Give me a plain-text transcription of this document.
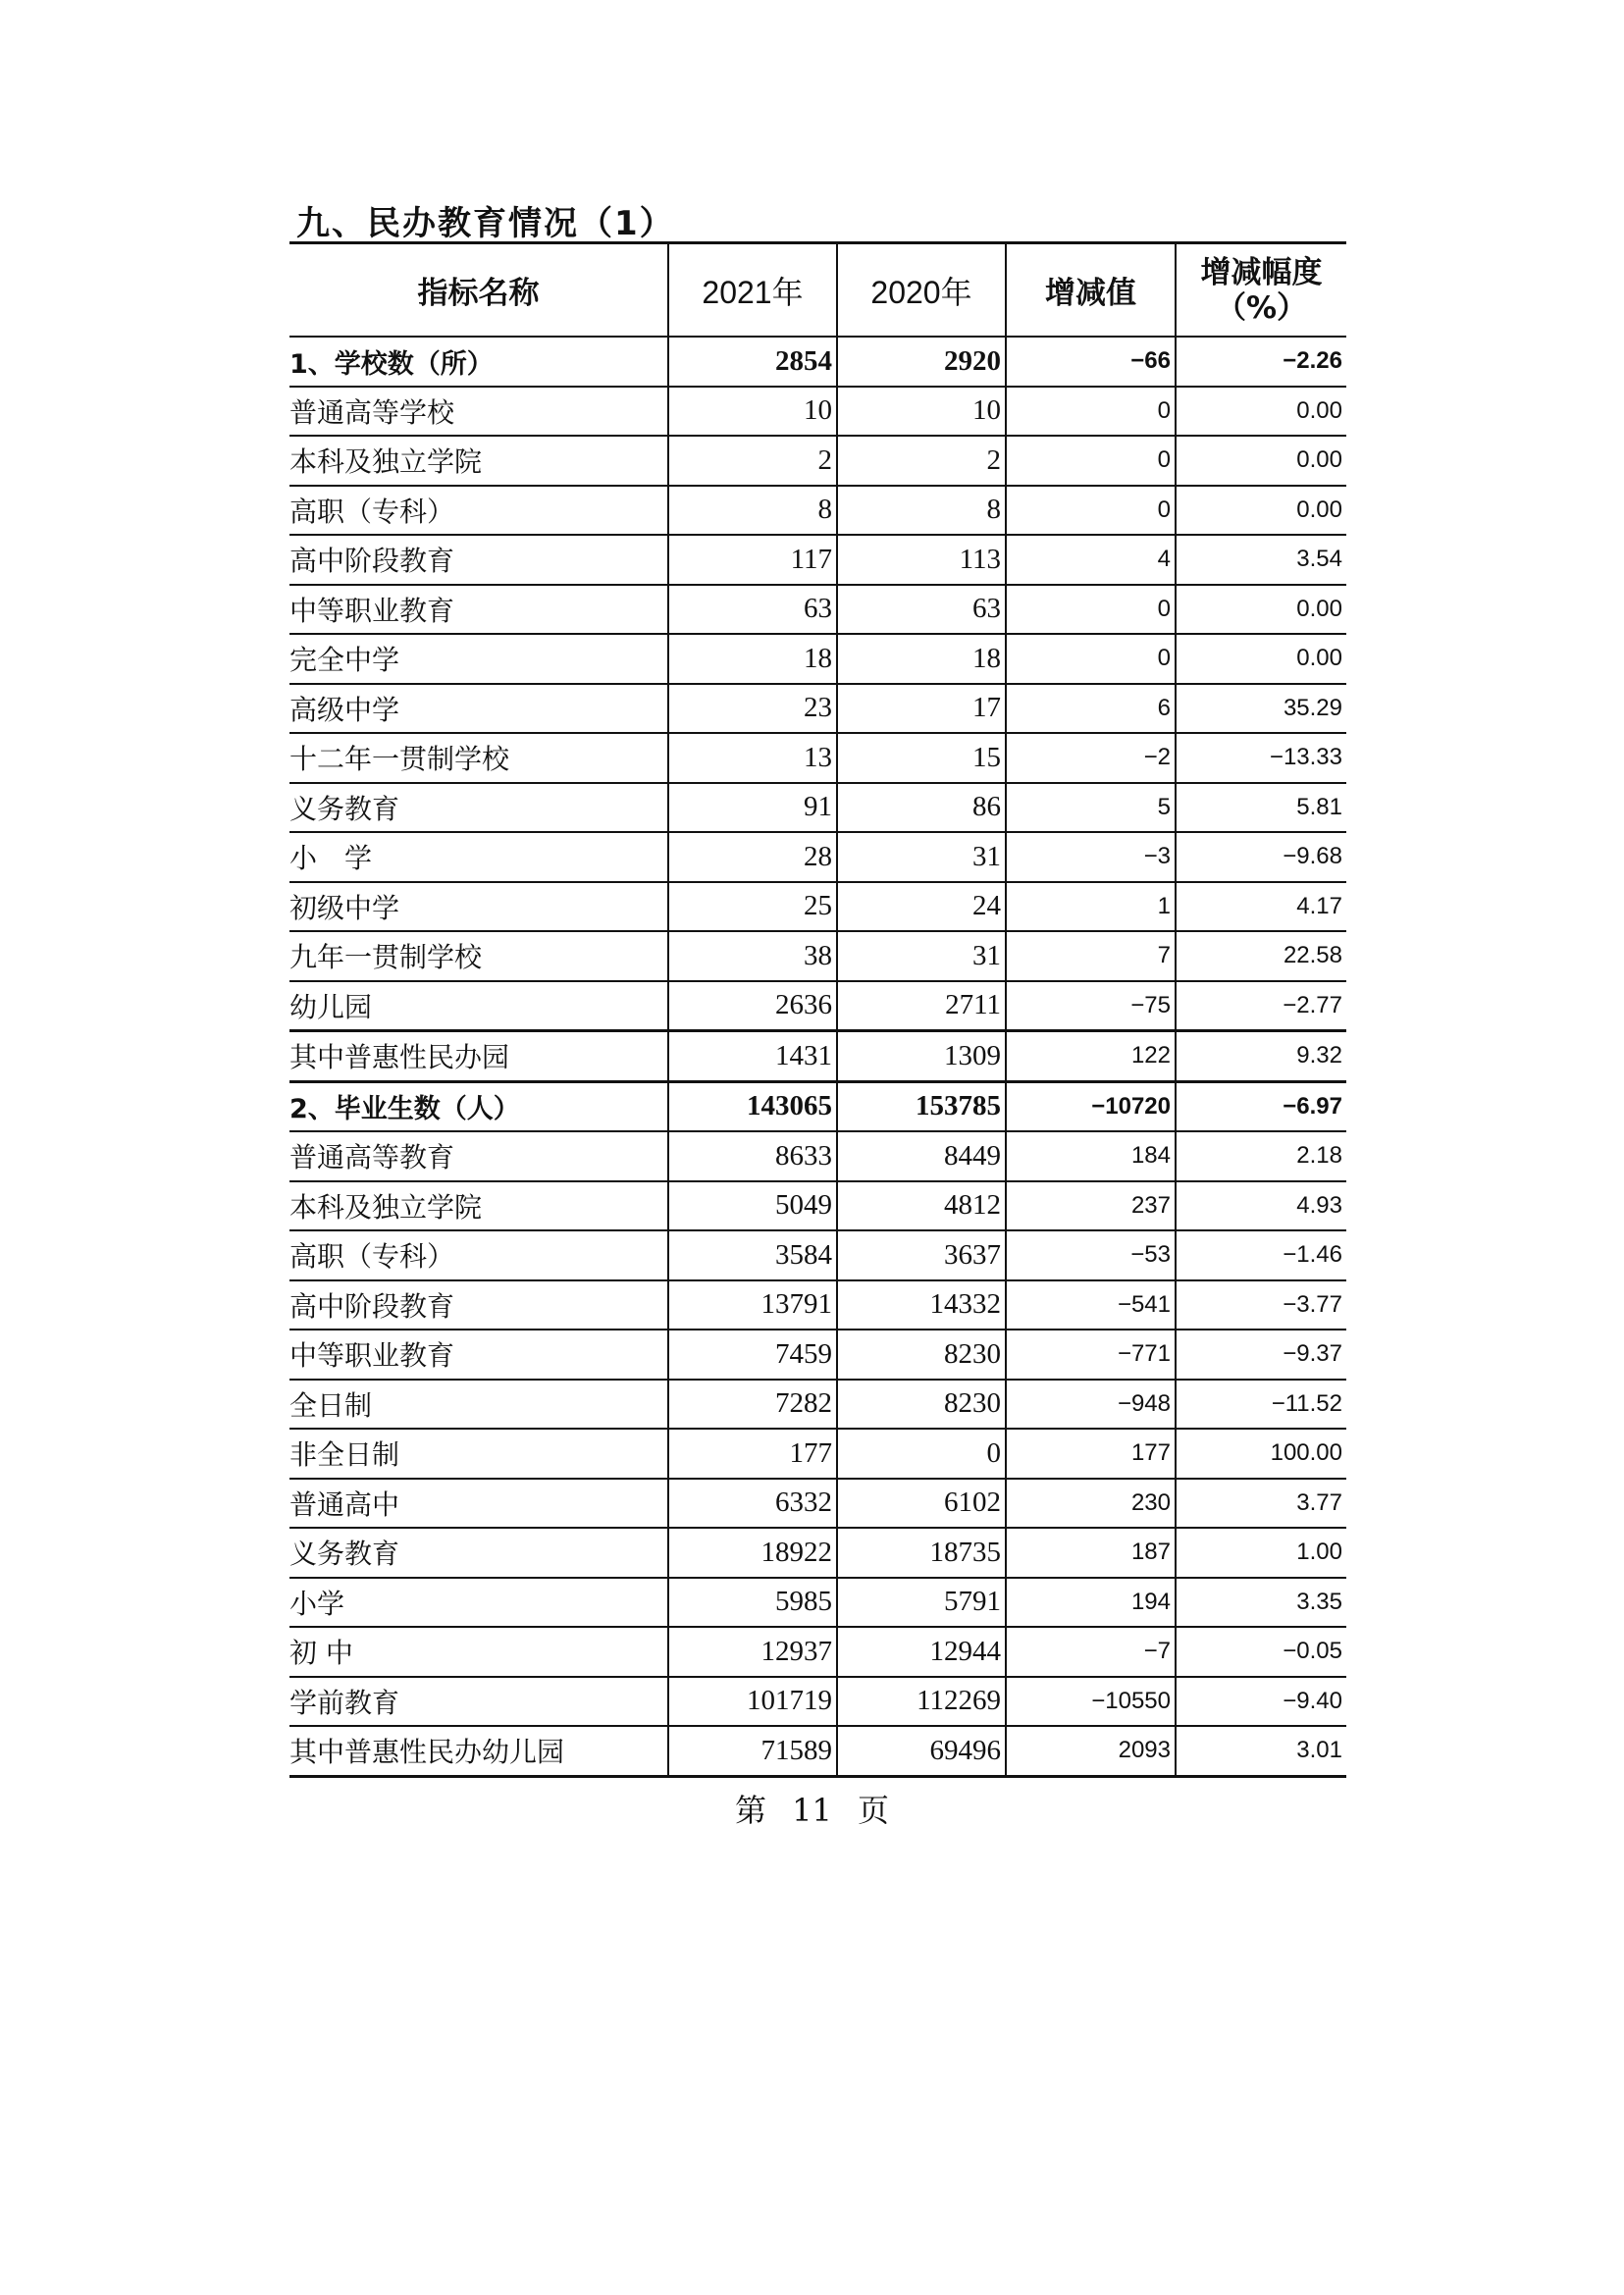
九、民办教育情况（1）
指标名称	2021年	2020年	增减值	增减幅度
（%）

1、学校数（所）	2854	2920	−66	−2.26
普通高等学校	10	10	0	0.00
本科及独立学院	2	2	0	0.00
高职（专科）	8	8	0	0.00
高中阶段教育	117	113	4	3.54
中等职业教育	63	63	0	0.00
完全中学	18	18	0	0.00
高级中学	23	17	6	35.29
十二年一贯制学校	13	15	−2	−13.33
义务教育	91	86	5	5.81
小　学	28	31	−3	−9.68
初级中学	25	24	1	4.17
九年一贯制学校	38	31	7	22.58
幼儿园	2636	2711	−75	−2.77
其中普惠性民办园	1431	1309	122	9.32
2、毕业生数（人）	143065	153785	−10720	−6.97
普通高等教育	8633	8449	184	2.18
本科及独立学院	5049	4812	237	4.93
高职（专科）	3584	3637	−53	−1.46
高中阶段教育	13791	14332	−541	−3.77
中等职业教育	7459	8230	−771	−9.37
全日制	7282	8230	−948	−11.52
非全日制	177	0	177	100.00
普通高中	6332	6102	230	3.77
义务教育	18922	18735	187	1.00
小学	5985	5791	194	3.35
初 中	12937	12944	−7	−0.05
学前教育	101719	112269	−10550	−9.40
其中普惠性民办幼儿园	71589	69496	2093	3.01
第 11 页
